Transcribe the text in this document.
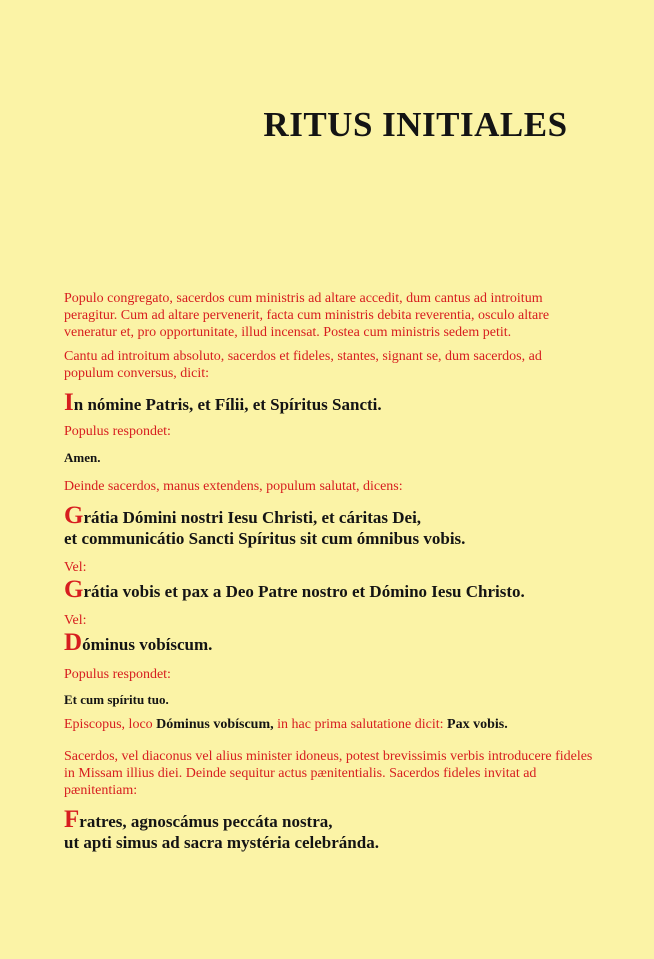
RITUS INITIALES

Populo congregato, sacerdos cum ministris ad altare accedit, dum cantus ad introitum peragitur. Cum ad altare pervenerit, facta cum ministris debita reverentia, osculo altare veneratur et, pro opportunitate, illud incensat. Postea cum ministris sedem petit.

Cantu ad introitum absoluto, sacerdos et fideles, stantes, signant se, dum sacerdos, ad populum conversus, dicit:

In nómine Patris, et Fílii, et Spíritus Sancti.

Populus respondet:

Amen.

Deinde sacerdos, manus extendens, populum salutat, dicens:

Grátia Dómini nostri Iesu Christi, et cáritas Dei,

et communicátio Sancti Spíritus sit cum ómnibus vobis.

Vel:

Grátia vobis et pax a Deo Patre nostro et Dómino Iesu Christo.

Vel:

Dóminus vobíscum.

Populus respondet:

Et cum spíritu tuo.

Episcopus, loco Dóminus vobíscum, in hac prima salutatione dicit: Pax vobis.

Sacerdos, vel diaconus vel alius minister idoneus, potest brevissimis verbis introducere fideles in Missam illius diei. Deinde sequitur actus pænitentialis. Sacerdos fideles invitat ad pænitentiam:

Fratres, agnoscámus peccáta nostra,

ut apti simus ad sacra mystéria celebránda.
